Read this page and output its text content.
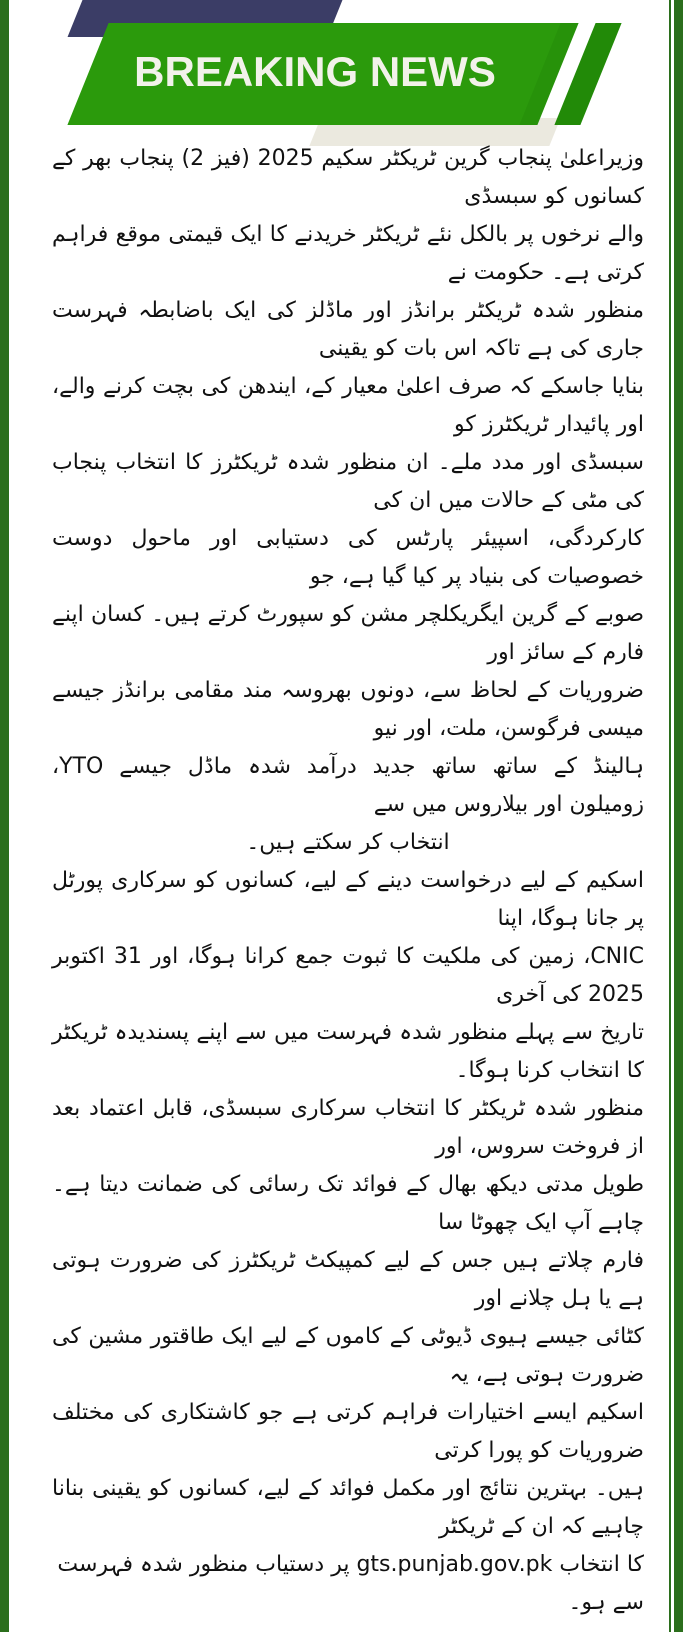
BREAKING NEWS
وزیراعلیٰ پنجاب گرین ٹریکٹر سکیم 2025 (فیز 2) پنجاب بھر کے کسانوں کو سبسڈی
والے نرخوں پر بالکل نئے ٹریکٹر خریدنے کا ایک قیمتی موقع فراہم کرتی ہے۔ حکومت نے
منظور شدہ ٹریکٹر برانڈز اور ماڈلز کی ایک باضابطہ فہرست جاری کی ہے تاکہ اس بات کو یقینی
بنایا جاسکے کہ صرف اعلیٰ معیار کے، ایندھن کی بچت کرنے والے، اور پائیدار ٹریکٹرز کو
سبسڈی اور مدد ملے۔ ان منظور شدہ ٹریکٹرز کا انتخاب پنجاب کی مٹی کے حالات میں ان کی
کارکردگی، اسپیئر پارٹس کی دستیابی اور ماحول دوست خصوصیات کی بنیاد پر کیا گیا ہے، جو
صوبے کے گرین ایگریکلچر مشن کو سپورٹ کرتے ہیں۔ کسان اپنے فارم کے سائز اور
ضروریات کے لحاظ سے، دونوں بھروسہ مند مقامی برانڈز جیسے میسی فرگوسن، ملت، اور نیو
ہالینڈ کے ساتھ ساتھ جدید درآمد شدہ ماڈل جیسے YTO، زومیلون اور بیلاروس میں سے
انتخاب کر سکتے ہیں۔
اسکیم کے لیے درخواست دینے کے لیے، کسانوں کو سرکاری پورٹل پر جانا ہوگا، اپنا
CNIC، زمین کی ملکیت کا ثبوت جمع کرانا ہوگا، اور 31 اکتوبر 2025 کی آخری
تاریخ سے پہلے منظور شدہ فہرست میں سے اپنے پسندیدہ ٹریکٹر کا انتخاب کرنا ہوگا۔
منظور شدہ ٹریکٹر کا انتخاب سرکاری سبسڈی، قابل اعتماد بعد از فروخت سروس، اور
طویل مدتی دیکھ بھال کے فوائد تک رسائی کی ضمانت دیتا ہے۔ چاہے آپ ایک چھوٹا سا
فارم چلاتے ہیں جس کے لیے کمپیکٹ ٹریکٹرز کی ضرورت ہوتی ہے یا ہل چلانے اور
کٹائی جیسے ہیوی ڈیوٹی کے کاموں کے لیے ایک طاقتور مشین کی ضرورت ہوتی ہے، یہ
اسکیم ایسے اختیارات فراہم کرتی ہے جو کاشتکاری کی مختلف ضروریات کو پورا کرتی
ہیں۔ بہترین نتائج اور مکمل فوائد کے لیے، کسانوں کو یقینی بنانا چاہیے کہ ان کے ٹریکٹر
کا انتخاب gts.punjab.gov.pk پر دستیاب منظور شدہ فہرست سے ہو۔
